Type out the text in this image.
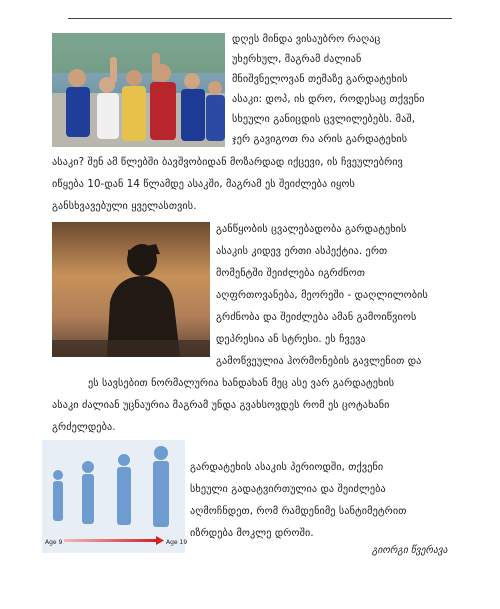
დღეს მინდა ვისაუბრო რაღაც
უხერხულ, მაგრამ ძალიან
მნიშვნელოვან თემაზე გარდატეხის
ასაკი: დოპ, ის დრო, როდესაც თქვენი
სხეული განიცდის ცვლილებებს. მაშ,
ჯერ გავიგოთ რა არის გარდატეხის
ასაკი? შენ ამ წლებში ბავშვობიდან მოზარდად იქცევი, ის ჩვეულებრივ
იწყება 10-დან 14 წლამდე ასაკში, მაგრამ ეს შეიძლება იყოს
განსხვავებული ყველასთვის.
განწყობის ცვალებადობა გარდატეხის
ასაკის კიდევ ერთი ასპექტია. ერთ
მომენტში შეიძლება იგრძნოთ
აღფრთოვანება, მეორეში - დაღლილობის
გრძნობა და შეიძლება ამან გამოიწვიოს
დეპრესია ან სტრესი. ეს ჩვევა
გამოწვეულია ჰორმონების გავლენით და
ეს სავსებით ნორმალურია ხანდახან მეც ასე ვარ გარდატეხის
ასაკი ძალიან უცნაურია მაგრამ უნდა გვახსოვდეს რომ ეს ცოტახანი
გრძელდება.
Age 9	Age 19
გარდატეხის ასაკის პერიოდში, თქვენი
სხეული გადატვირთულია და შეიძლება
აღმოჩნდეთ, რომ რამდენიმე სანტიმეტრით
იზრდება მოკლე დროში.
გიორგი წვერავა
